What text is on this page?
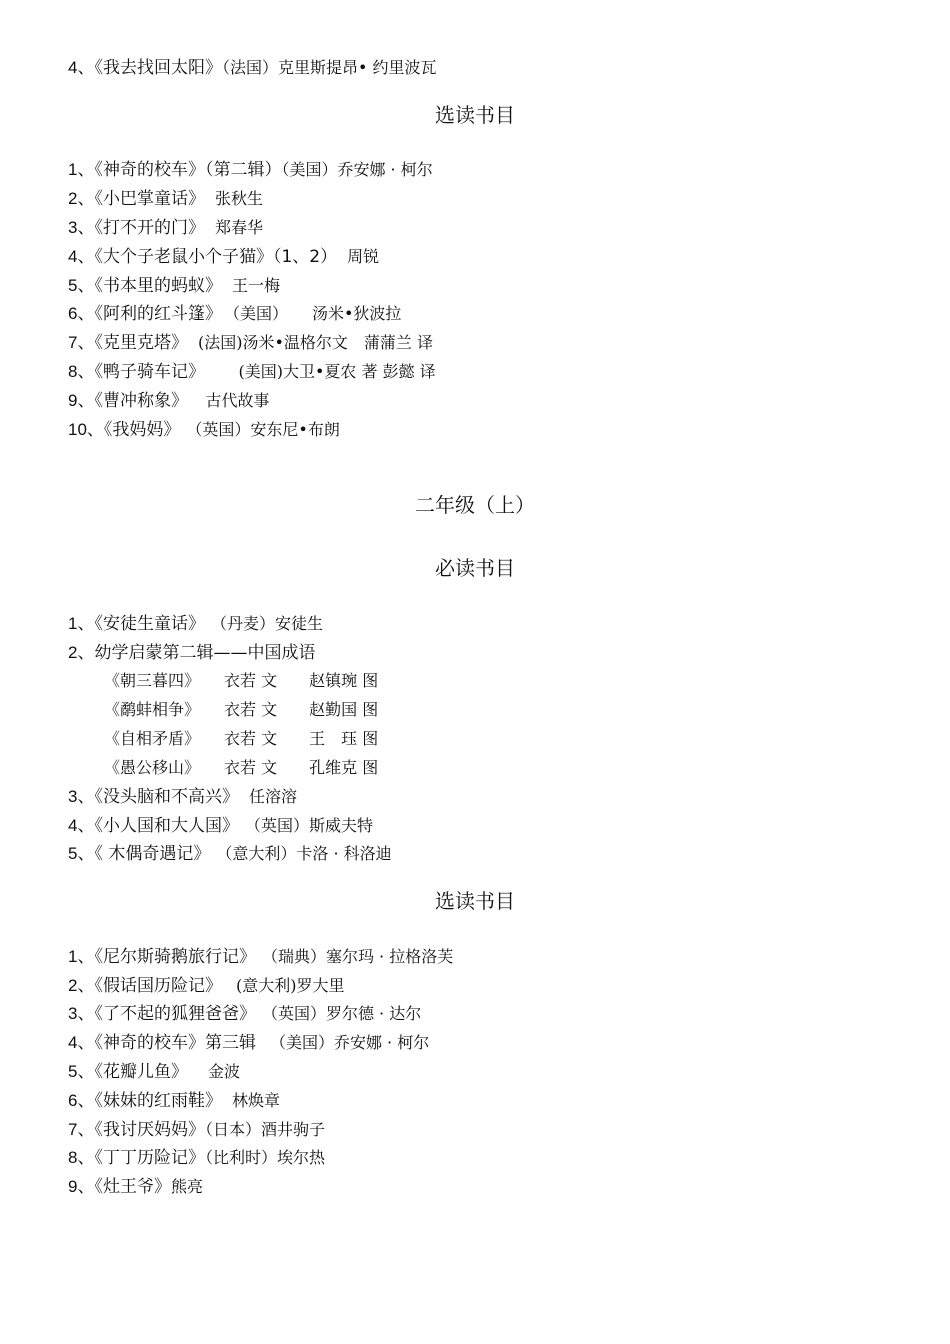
4、《我去找回太阳》（法国）克里斯提昂• 约里波瓦
选读书目
1、《神奇的校车》（第二辑）（美国）乔安娜 · 柯尔
2、《小巴掌童话》 张秋生
3、《打不开的门》 郑春华
4、《大个子老鼠小个子猫》（1、2） 周锐
5、《书本里的蚂蚁》 王一梅
6、《阿利的红斗篷》 （美国）　　汤米•狄波拉
7、《克里克塔》 (法国)汤米•温格尔文　蒲蒲兰 译
8、《鸭子骑车记》　　(美国)大卫•夏农 著 彭懿 译
9、《曹冲称象》　古代故事
10、《我妈妈》 （英国）安东尼•布朗
二年级（上）
必读书目
1、《安徒生童话》 （丹麦）安徒生
2、幼学启蒙第二辑——中国成语
《朝三暮四》 衣若 文　　赵镇琬 图
《鹬蚌相争》 衣若 文　　赵勤国 图
《自相矛盾》 衣若 文　　王　珏 图
《愚公移山》 衣若 文　　孔维克 图
3、《没头脑和不高兴》 任溶溶
4、《小人国和大人国》 （英国）斯威夫特
5、《 木偶奇遇记》 （意大利）卡洛 · 科洛迪
选读书目
1、《尼尔斯骑鹅旅行记》 （瑞典）塞尔玛 · 拉格洛芙
2、《假话国历险记》 (意大利)罗大里
3、《了不起的狐狸爸爸》 （英国）罗尔德 · 达尔
4、《神奇的校车》第三辑 （美国）乔安娜 · 柯尔
5、《花瓣儿鱼》 金波
6、《妹妹的红雨鞋》 林焕章
7、《我讨厌妈妈》（日本）酒井驹子
8、《丁丁历险记》（比利时）埃尔热
9、《灶王爷》熊亮
